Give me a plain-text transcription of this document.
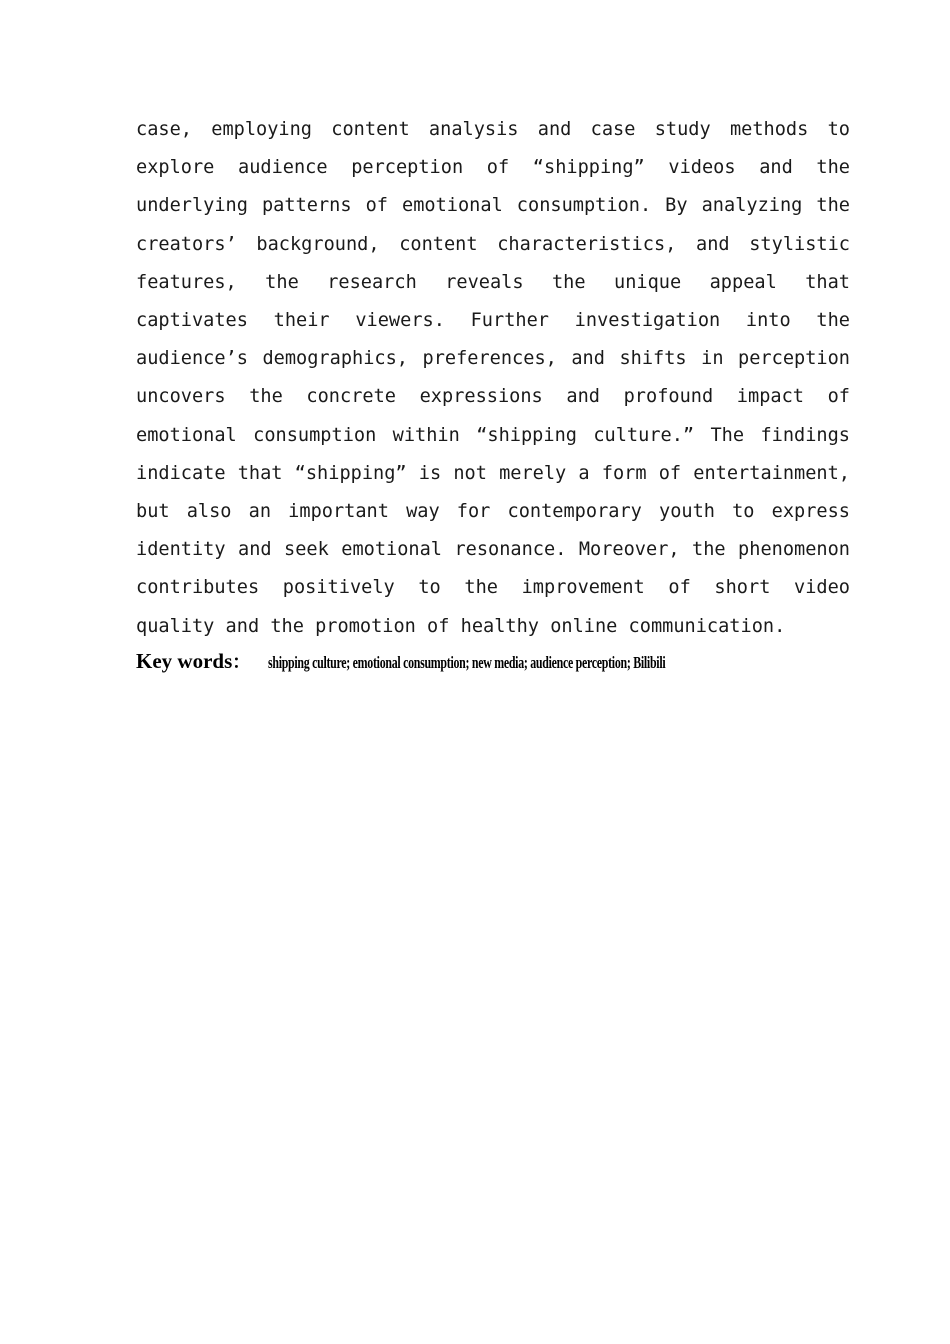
case, employing content analysis and case study methods to explore audience perception of “shipping” videos and the underlying patterns of emotional consumption. By analyzing the creators’ background, content characteristics, and stylistic features, the research reveals the unique appeal that captivates their viewers. Further investigation into the audience’s demographics, preferences, and shifts in perception uncovers the concrete expressions and profound impact of emotional consumption within “shipping culture.” The findings indicate that “shipping” is not merely a form of entertainment, but also an important way for contemporary youth to express identity and seek emotional resonance. Moreover, the phenomenon contributes positively to the improvement of short video quality and the promotion of healthy online communication.

Key words： shipping culture; emotional consumption; new media; audience perception; Bilibili
